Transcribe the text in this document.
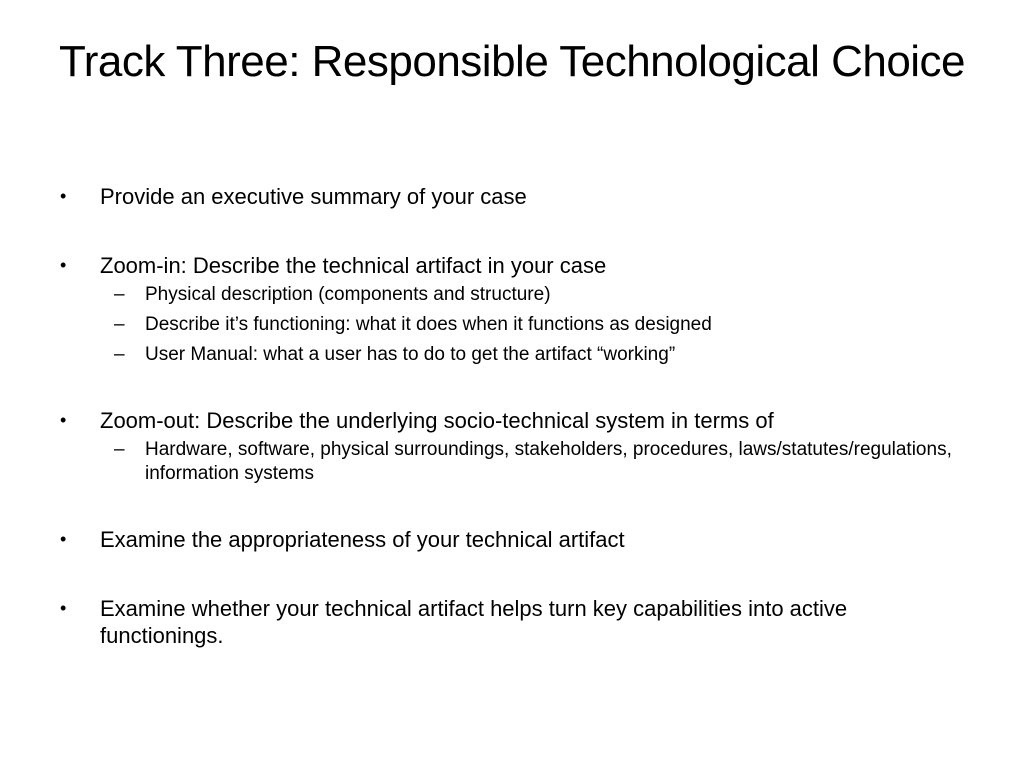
Track Three: Responsible Technological Choice
•	Provide an executive summary of your case
•	Zoom-in: Describe the technical artifact in your case
–	Physical description (components and structure)
–	Describe it’s functioning: what it does when it functions as designed
–	User Manual: what a user has to do to get the artifact “working”
•	Zoom-out: Describe the underlying socio-technical system in terms of
–	Hardware, software, physical surroundings, stakeholders, procedures, laws/statutes/regulations, information systems
•	Examine the appropriateness of your technical artifact
•	Examine whether your technical artifact helps turn key capabilities into active functionings.
